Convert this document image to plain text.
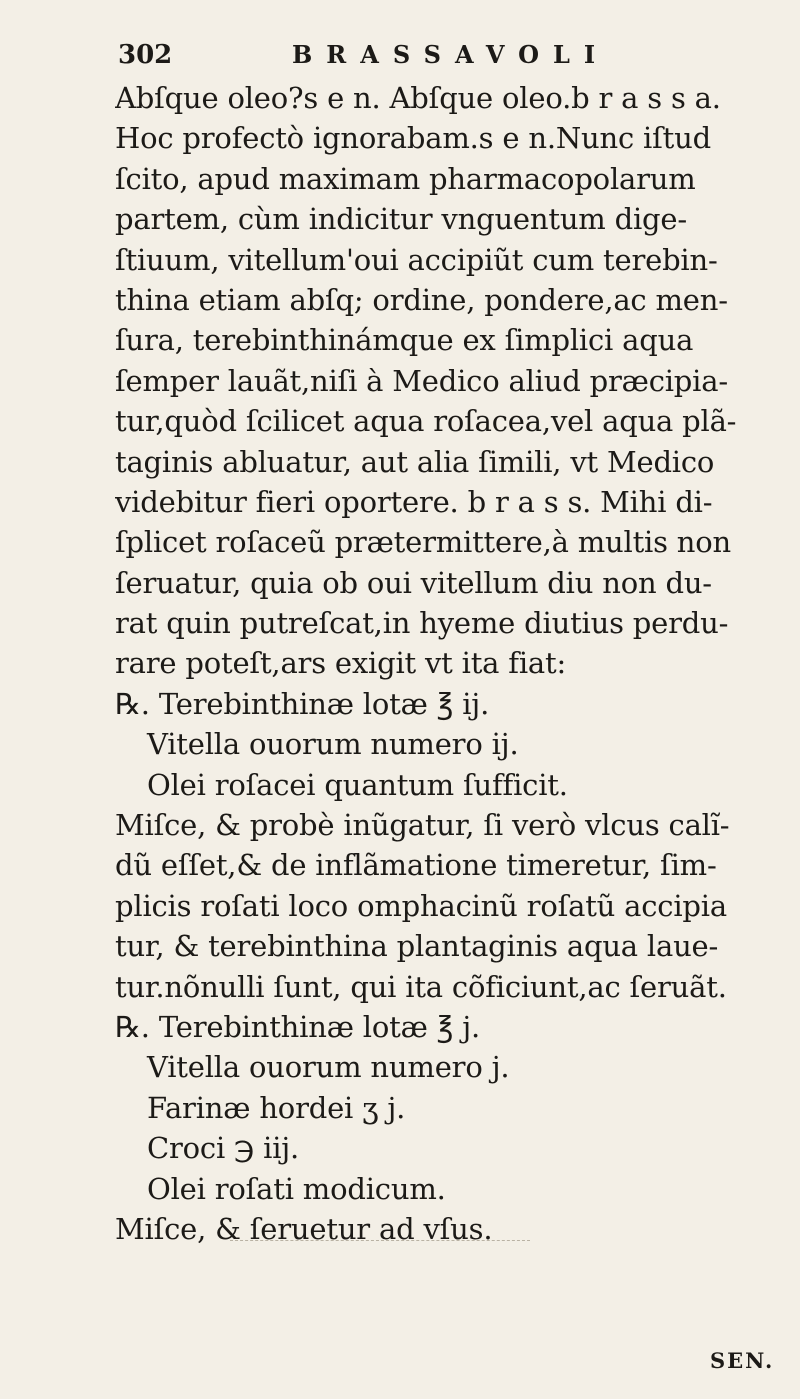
302	BRASSAVOLI
Abſque oleo?s e n. Abſque oleo.b r a s s a.
Hoc profectò ignorabam.s e n.Nunc iſtud
ſcito, apud maximam pharmacopolarum
partem, cùm indicitur vnguentum dige-
ſtiuum, vitellum'oui accipiũt cum terebin-
thina etiam abſq; ordine, pondere,ac men-
ſura, terebinthinámque ex ſimplici aqua
ſemper lauãt,niſi à Medico aliud præcipia-
tur,quòd ſcilicet aqua roſacea,vel aqua plã-
taginis abluatur, aut alia ſimili, vt Medico
videbitur fieri oportere. b r a s s. Mihi di-
ſplicet roſaceũ prætermittere,à multis non
ſeruatur, quia ob oui vitellum diu non du-
rat quin putreſcat,in hyeme diutius perdu-
rare poteſt,ars exigit vt ita fiat:
℞. Terebinthinæ lotæ ℥ ij.
Vitella ouorum numero ij.
Olei roſacei quantum ſufficit.
Miſce, & probè inũgatur, ſi verò vlcus calĩ-
dũ eſſet,& de inflãmatione timeretur, ſim-
plicis roſati loco omphacinũ roſatũ accipia
tur, & terebinthina plantaginis aqua laue-
tur.nõnulli ſunt, qui ita cõficiunt,ac ſeruãt.
℞. Terebinthinæ lotæ ℥ j.
Vitella ouorum numero j.
Farinæ hordei ʒ j.
Croci ℈ iij.
Olei roſati modicum.
Miſce, & ſeruetur ad vſus.
SEN.
